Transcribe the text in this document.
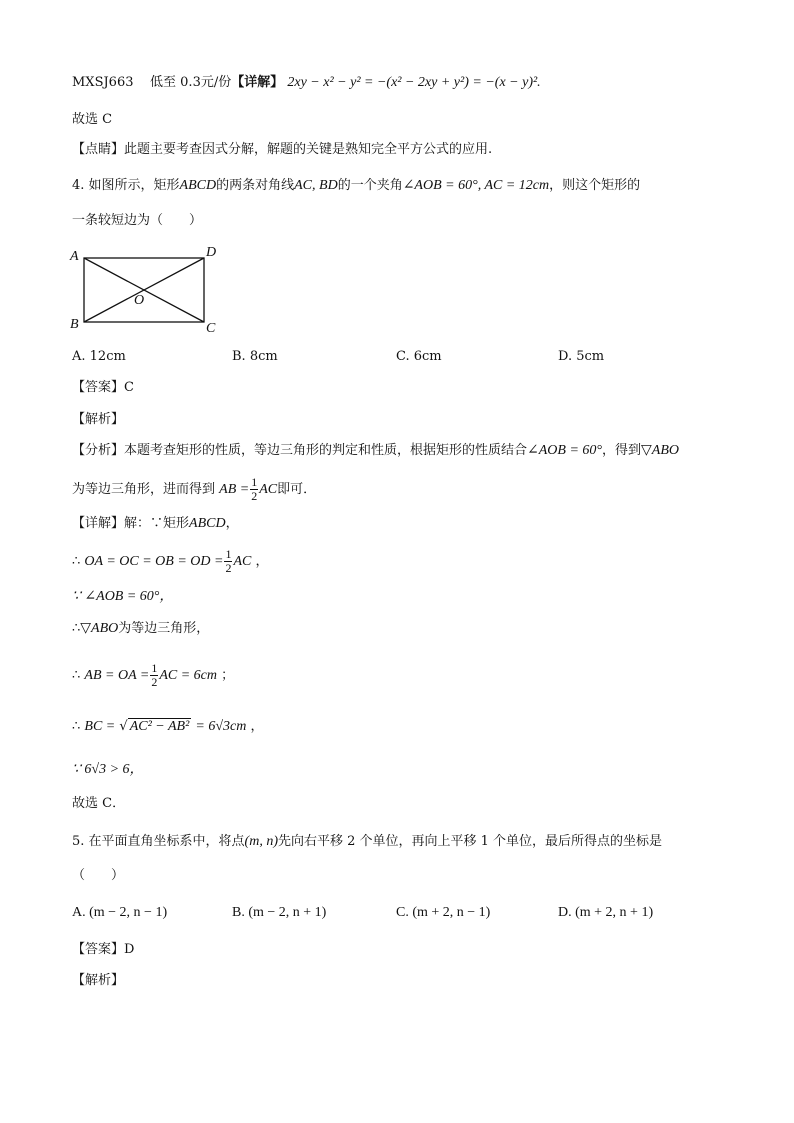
MXSJ663 低至 0.3元/份【详解】 2xy − x² − y² = −(x² − 2xy + y²) = −(x − y)².
故选 C
【点睛】此题主要考查因式分解，解题的关键是熟知完全平方公式的应用.
4. 如图所示，矩形ABCD的两条对角线AC, BD的一个夹角∠AOB = 60°, AC = 12cm，则这个矩形的
一条较短边为（　　）
A	D
B	C
O
A. 12cm	B. 8cm	C. 6cm	D. 5cm
【答案】C
【解析】
【分析】本题考查矩形的性质，等边三角形的判定和性质，根据矩形的性质结合∠AOB = 60°，得到▽ABO
为等边三角形，进而得到 AB = $\frac{1}{2}$ AC即可．
【详解】解：∵矩形ABCD，
∴ OA = OC = OB = OD = $\frac{1}{2}$ AC ，
∵ ∠AOB = 60°，
∴▽ABO为等边三角形，
∴ AB = OA = $\frac{1}{2}$ AC = 6cm ；
∴ BC = √ AC² − AB² = 6√3cm ，
∵ 6√3 > 6，
故选 C．
5. 在平面直角坐标系中，将点(m, n)先向右平移 2 个单位，再向上平移 1 个单位，最后所得点的坐标是
（　　）
A. (m − 2, n − 1)	B. (m − 2, n + 1)	C. (m + 2, n − 1)	D. (m + 2, n + 1)
【答案】D
【解析】
